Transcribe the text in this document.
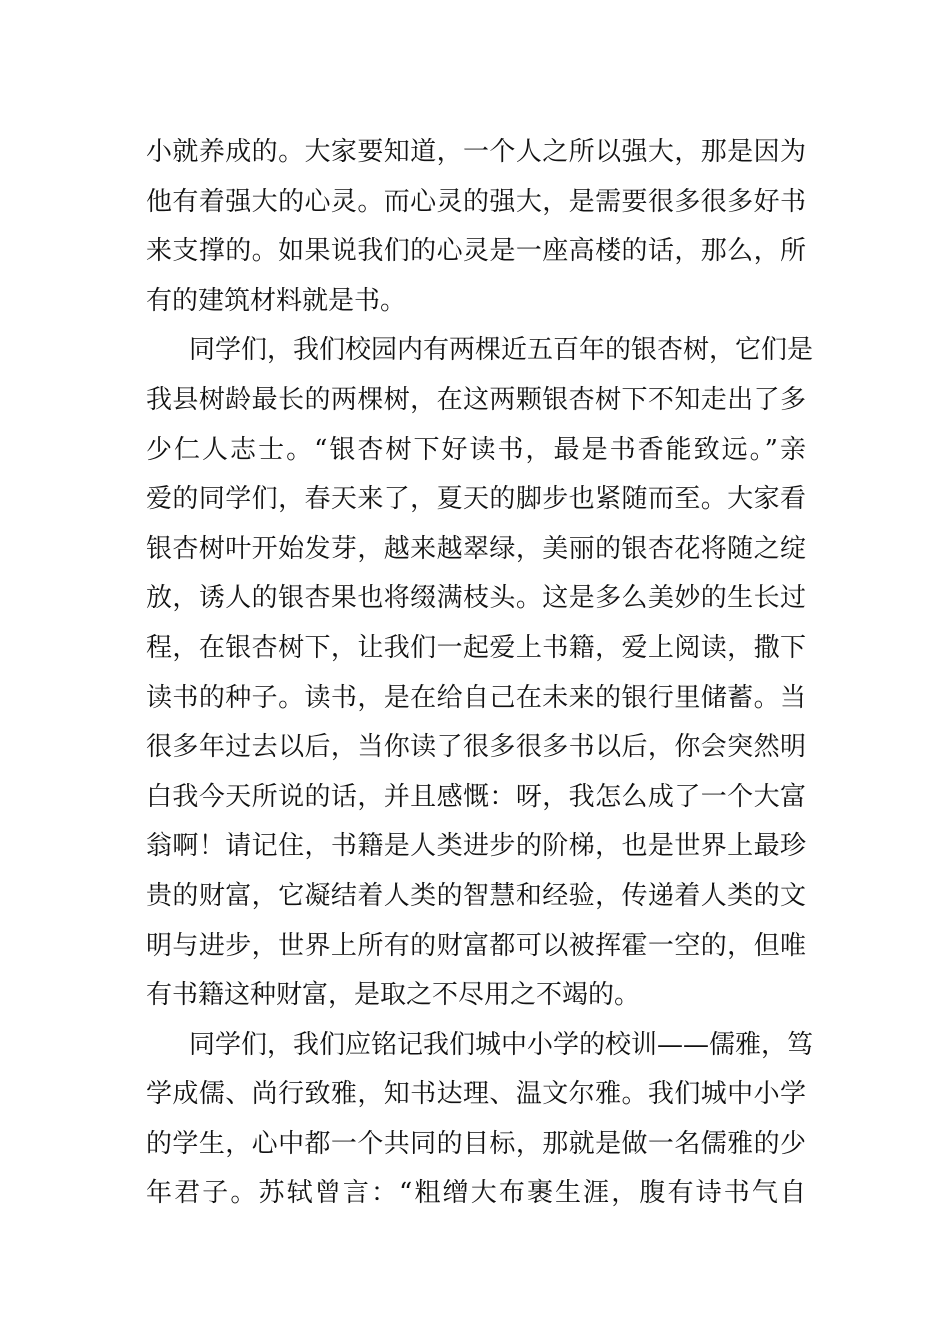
小就养成的。大家要知道，一个人之所以强大，那是因为
他有着强大的心灵。而心灵的强大，是需要很多很多好书
来支撑的。如果说我们的心灵是一座高楼的话，那么，所
有的建筑材料就是书。
同学们，我们校园内有两棵近五百年的银杏树，它们是
我县树龄最长的两棵树，在这两颗银杏树下不知走出了多
少仁人志士。“银杏树下好读书，最是书香能致远。”亲
爱的同学们，春天来了，夏天的脚步也紧随而至。大家看
银杏树叶开始发芽，越来越翠绿，美丽的银杏花将随之绽
放，诱人的银杏果也将缀满枝头。这是多么美妙的生长过
程，在银杏树下，让我们一起爱上书籍，爱上阅读，撒下
读书的种子。读书，是在给自己在未来的银行里储蓄。当
很多年过去以后，当你读了很多很多书以后，你会突然明
白我今天所说的话，并且感慨：呀，我怎么成了一个大富
翁啊！请记住，书籍是人类进步的阶梯，也是世界上最珍
贵的财富，它凝结着人类的智慧和经验，传递着人类的文
明与进步，世界上所有的财富都可以被挥霍一空的，但唯
有书籍这种财富，是取之不尽用之不竭的。
同学们，我们应铭记我们城中小学的校训——儒雅，笃
学成儒、尚行致雅，知书达理、温文尔雅。我们城中小学
的学生，心中都一个共同的目标，那就是做一名儒雅的少
年君子。苏轼曾言：“粗缯大布裹生涯，腹有诗书气自
